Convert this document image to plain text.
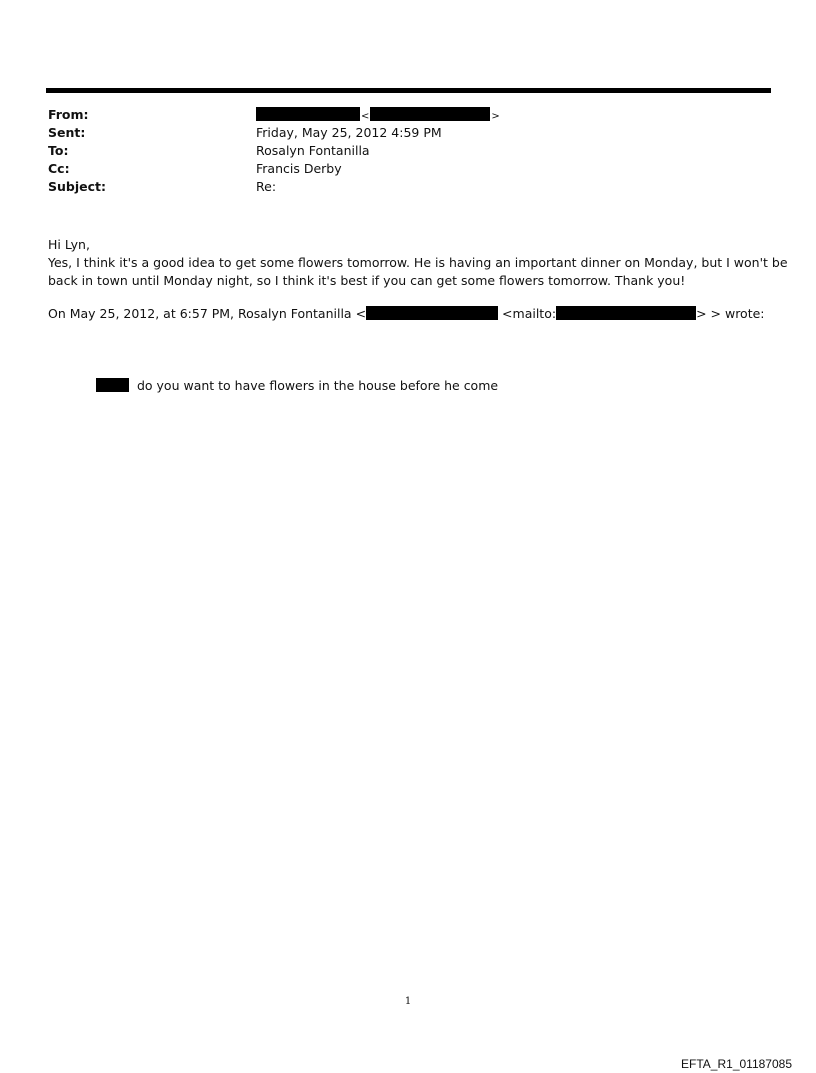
From:	<	>
Sent:	Friday, May 25, 2012 4:59 PM
To:	Rosalyn Fontanilla
Cc:	Francis Derby
Subject:	Re:

Hi Lyn,

Yes, I think it's a good idea to get some flowers tomorrow. He is having an important dinner on Monday, but I won't be

back in town until Monday night, so I think it's best if you can get some flowers tomorrow. Thank you!

On May 25, 2012, at 6:57 PM, Rosalyn Fontanilla <	<mailto:	> > wrote:
do you want to have flowers in the house before he come
1
EFTA_R1_01187085
